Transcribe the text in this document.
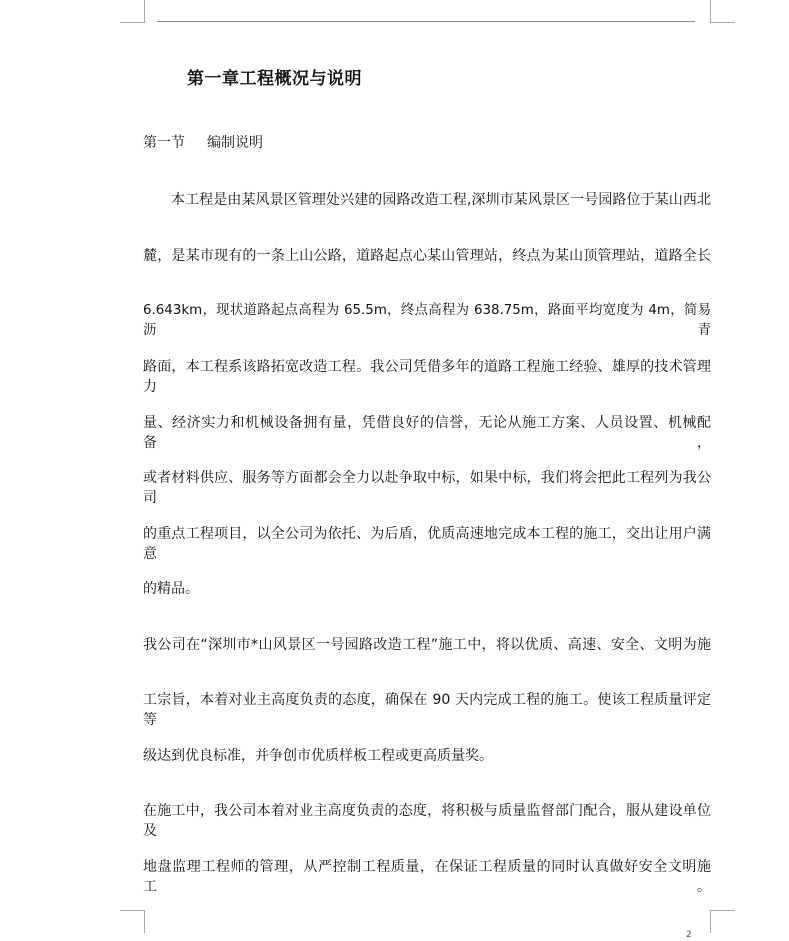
第一章工程概况与说明
第一节 编制说明
本工程是由某风景区管理处兴建的园路改造工程,深圳市某风景区一号园路位于某山西北
麓，是某市现有的一条上山公路，道路起点心某山管理站，终点为某山顶管理站，道路全长
6.643km，现状道路起点高程为 65.5m，终点高程为 638.75m，路面平均宽度为 4m，简易沥青
路面，本工程系该路拓宽改造工程。我公司凭借多年的道路工程施工经验、雄厚的技术管理力
量、经济实力和机械设备拥有量，凭借良好的信誉，无论从施工方案、人员设置、机械配备，
或者材料供应、服务等方面都会全力以赴争取中标，如果中标，我们将会把此工程列为我公司
的重点工程项目，以全公司为依托、为后盾，优质高速地完成本工程的施工，交出让用户满意
的精品。
我公司在“深圳市*山风景区一号园路改造工程”施工中，将以优质、高速、安全、文明为施
工宗旨，本着对业主高度负责的态度，确保在 90 天内完成工程的施工。使该工程质量评定等
级达到优良标准，并争创市优质样板工程或更高质量奖。
在施工中，我公司本着对业主高度负责的态度，将积极与质量监督部门配合，服从建设单位及
地盘监理工程师的管理，从严控制工程质量，在保证工程质量的同时认真做好安全文明施工。
2
